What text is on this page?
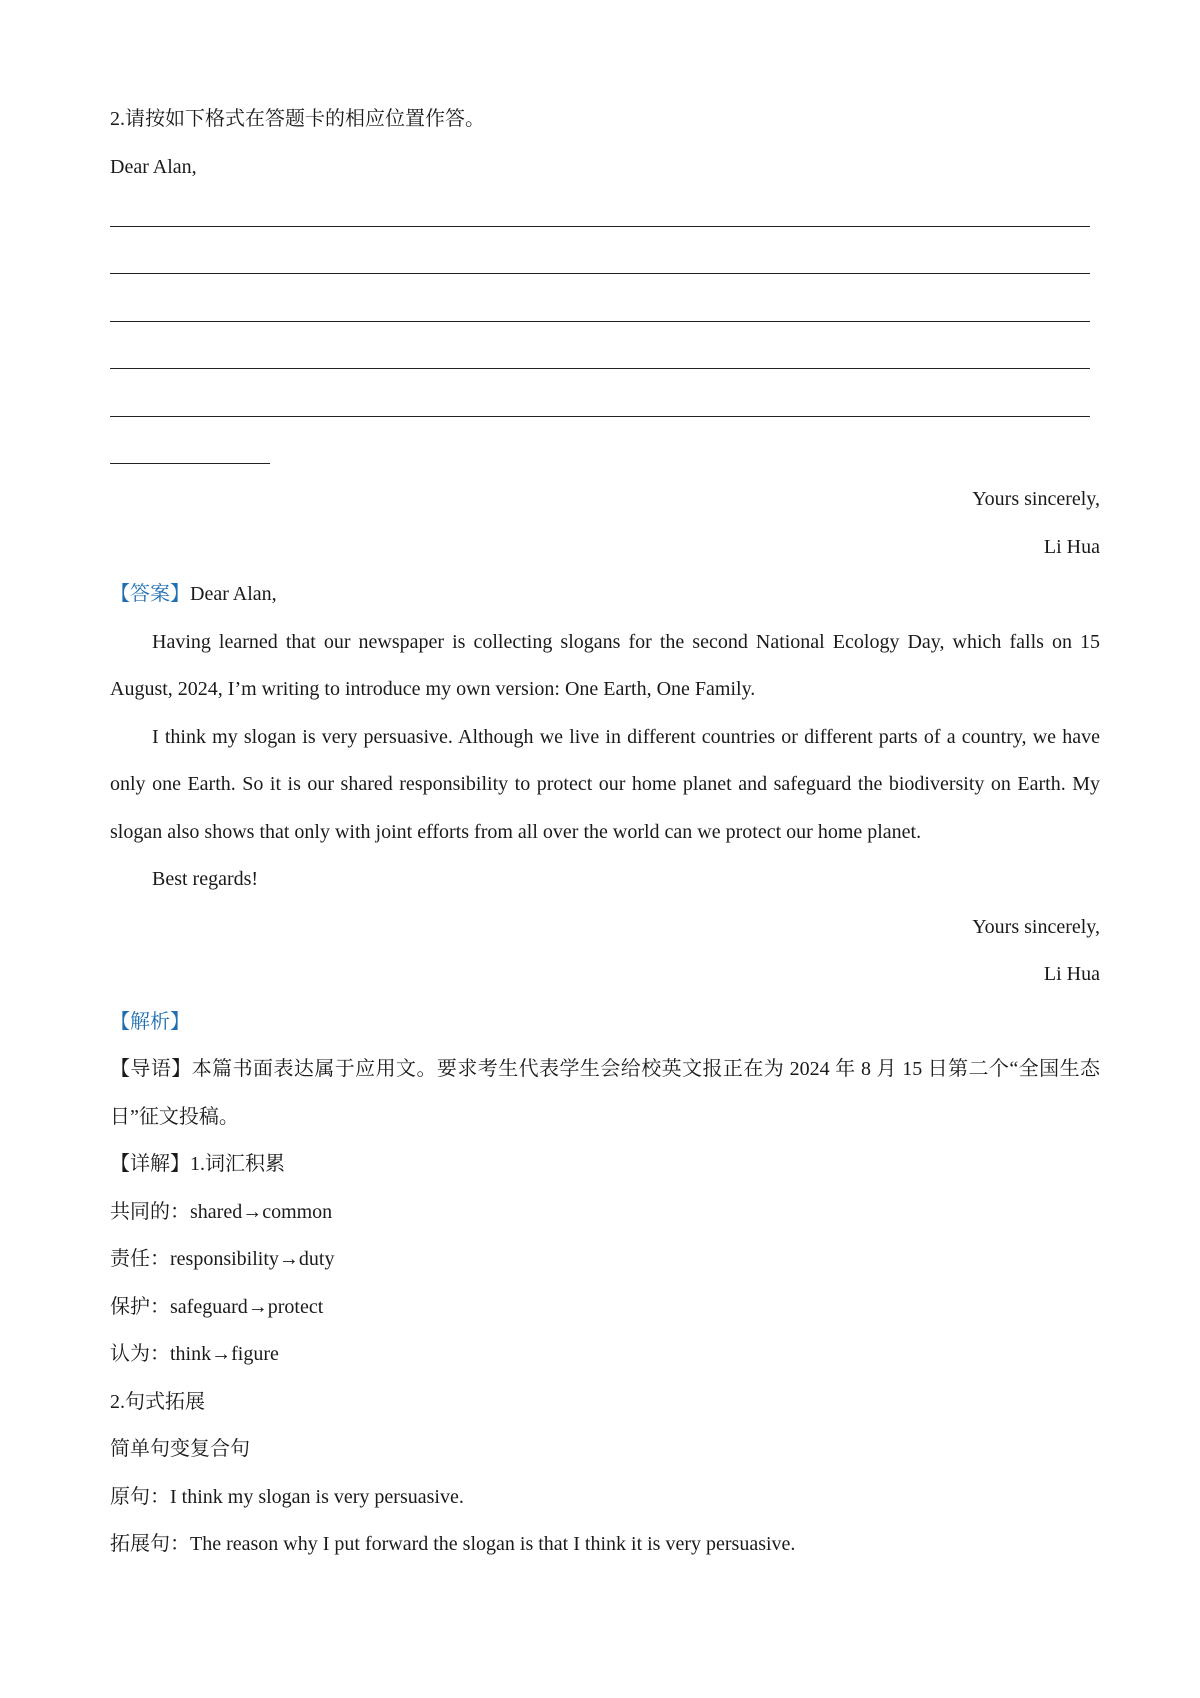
2.请按如下格式在答题卡的相应位置作答。
Dear Alan,
Yours sincerely,
Li Hua
【答案】Dear Alan,
Having learned that our newspaper is collecting slogans for the second National Ecology Day, which falls on 15 August, 2024, I’m writing to introduce my own version: One Earth, One Family.
I think my slogan is very persuasive. Although we live in different countries or different parts of a country, we have only one Earth. So it is our shared responsibility to protect our home planet and safeguard the biodiversity on Earth. My slogan also shows that only with joint efforts from all over the world can we protect our home planet.
Best regards!
Yours sincerely,
Li Hua
【解析】
【导语】本篇书面表达属于应用文。要求考生代表学生会给校英文报正在为 2024 年 8 月 15 日第二个“全国生态日”征文投稿。
【详解】1.词汇积累
共同的：shared→common
责任：responsibility→duty
保护：safeguard→protect
认为：think→figure
2.句式拓展
简单句变复合句
原句：I think my slogan is very persuasive.
拓展句：The reason why I put forward the slogan is that I think it is very persuasive.
